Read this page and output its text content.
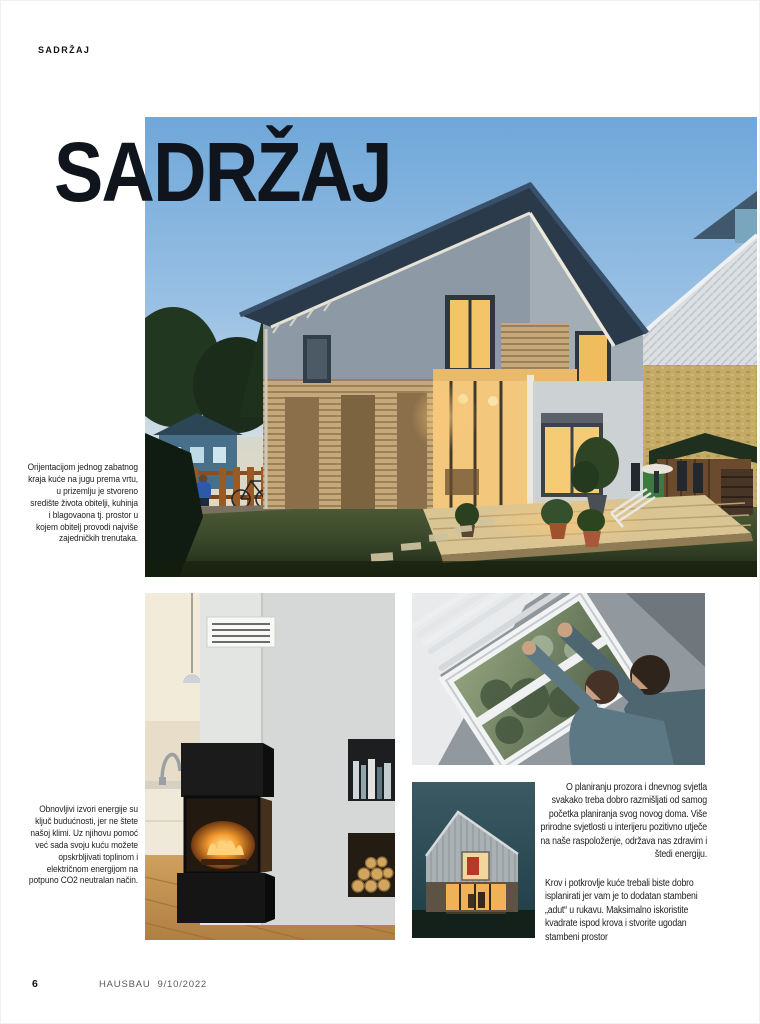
SADRŽAJ
SADRŽAJ
Orijentacijom jednog zabatnog kraja kuće na jugu prema vrtu, u prizemlju je stvoreno središte života obitelji, kuhinja i blagovaona tj. prostor u kojem obitelj provodi najviše zajedničkih trenutaka.
Obnovljivi izvori energije su ključ budućnosti, jer ne štete našoj klimi. Uz njihovu pomoć već sada svoju kuću možete opskrbljivati toplinom i električnom energijom na potpuno CO2 neutralan način.
O planiranju prozora i dnevnog svjetla svakako treba dobro razmišljati od samog početka planiranja svog novog doma. Više prirodne svjetlosti u interijeru pozitivno utječe na naše raspoloženje, održava nas zdravim i štedi energiju.
Krov i potkrovlje kuće trebali biste dobro isplanirati jer vam je to dodatan stambeni „adut“ u rukavu. Maksimalno iskoristite kvadrate ispod krova i stvorite ugodan stambeni prostor
6	HAUSBAU 9/10/2022
